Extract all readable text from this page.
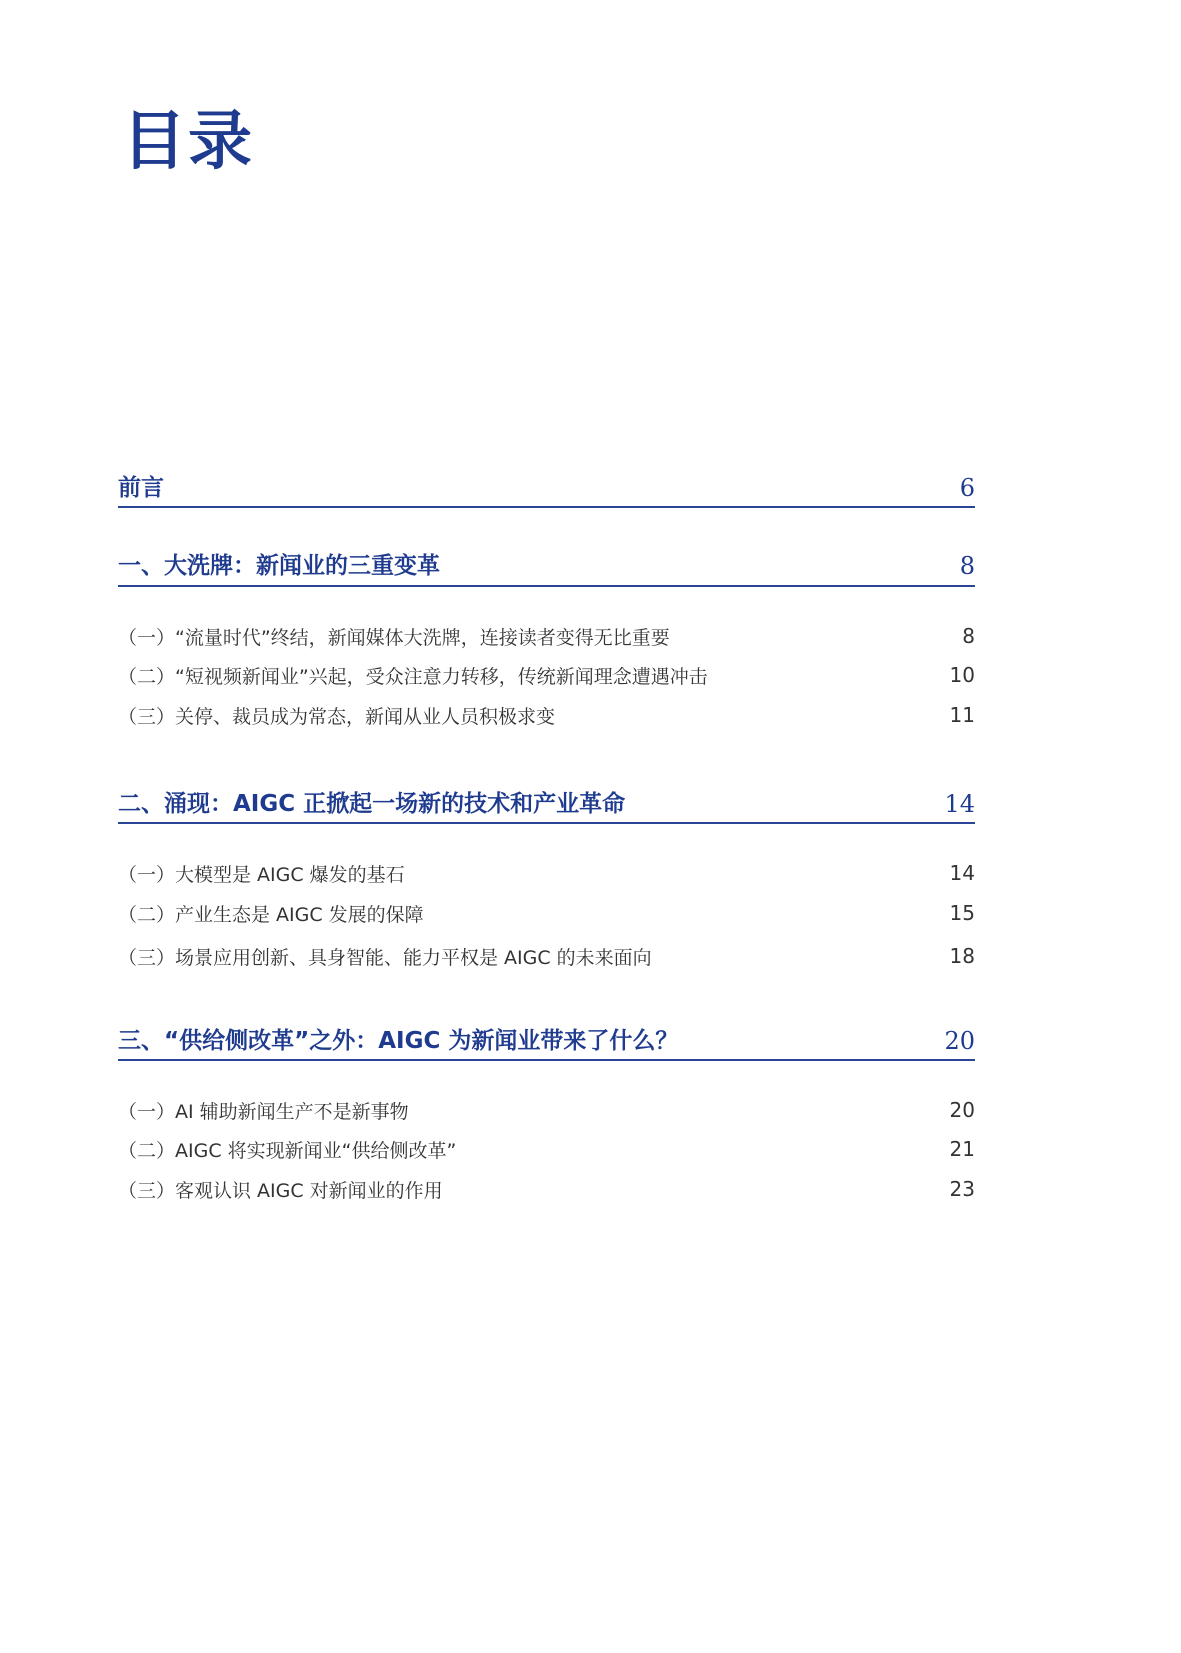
目录
前言	6
一、大洗牌：新闻业的三重变革	8
（一）“流量时代”终结，新闻媒体大洗牌，连接读者变得无比重要	8
（二）“短视频新闻业”兴起，受众注意力转移，传统新闻理念遭遇冲击	10
（三）关停、裁员成为常态，新闻从业人员积极求变	11
二、涌现：AIGC 正掀起一场新的技术和产业革命	14
（一）大模型是 AIGC 爆发的基石	14
（二）产业生态是 AIGC 发展的保障	15
（三）场景应用创新、具身智能、能力平权是 AIGC 的未来面向	18
三、“供给侧改革”之外：AIGC 为新闻业带来了什么？	20
（一）AI 辅助新闻生产不是新事物	20
（二）AIGC 将实现新闻业“供给侧改革”	21
（三）客观认识 AIGC 对新闻业的作用	23
